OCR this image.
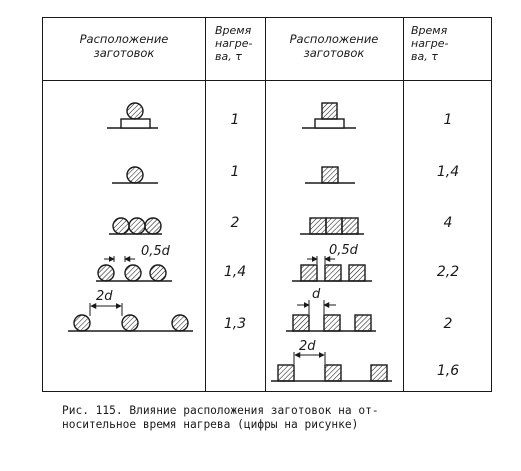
Расположение
заготовок
Время
нагре-
ва, τ
Расположение
заготовок
Время
нагре-
ва, τ
1
1
2
1,4
1,3
1
1,4
4
2,2
2
1,6
0,5d
2d
0,5d
d
2d
Рис. 115. Влияние расположения заготовок на от-
носительное время нагрева (цифры на рисунке)
